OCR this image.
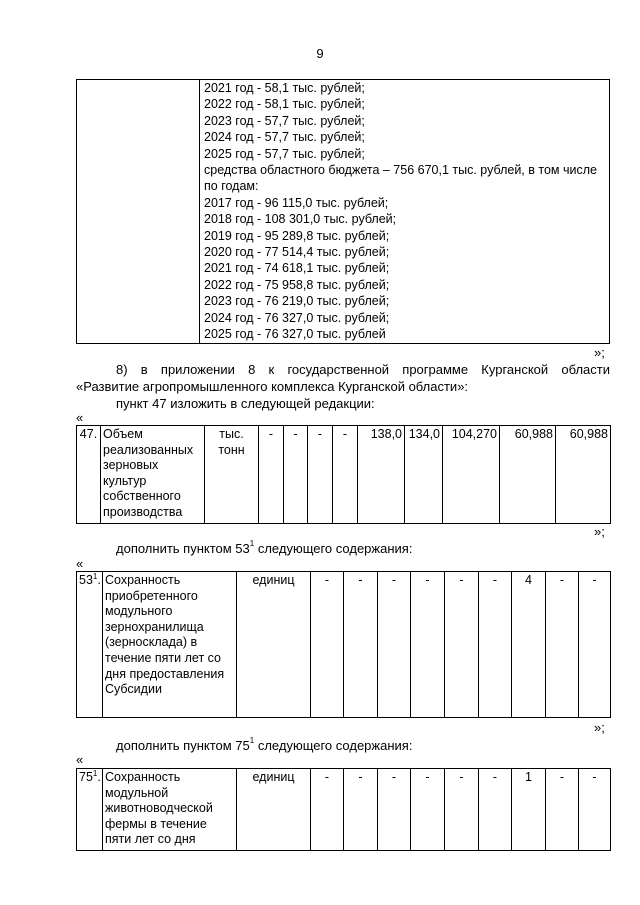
9

2021 год - 58,1 тыс. рублей;
2022 год - 58,1 тыс. рублей;
2023 год - 57,7 тыс. рублей;
2024 год - 57,7 тыс. рублей;
2025 год - 57,7 тыс. рублей;
средства областного бюджета – 756 670,1 тыс. рублей, в том числе по годам:
2017 год - 96 115,0 тыс. рублей;
2018 год - 108 301,0 тыс. рублей;
2019 год - 95 289,8 тыс. рублей;
2020 год - 77 514,4 тыс. рублей;
2021 год - 74 618,1 тыс. рублей;
2022 год - 75 958,8 тыс. рублей;
2023 год - 76 219,0 тыс. рублей;
2024 год - 76 327,0 тыс. рублей;
2025 год - 76 327,0 тыс. рублей
»;
8) в приложении 8 к государственной программе Курганской области
«Развитие агропромышленного комплекса Курганской области»:
пункт 47 изложить в следующей редакции:
«
47.	Объем реализованных зерновых культур собственного производства	тыс. тонн	-	-	-	-	138,0	134,0	104,270	60,988	60,988
»;
дополнить пунктом $53^1$ следующего содержания:
«
$53^1$.	Сохранность приобретенного модульного зернохранилища (зерносклада) в течение пяти лет со дня предоставления Субсидии	единиц	-	-	-	-	-	-	4	-	-
»;
дополнить пунктом $75^1$ следующего содержания:
«
$75^1$.	Сохранность модульной животноводческой фермы в течение пяти лет со дня	единиц	-	-	-	-	-	-	1	-	-
